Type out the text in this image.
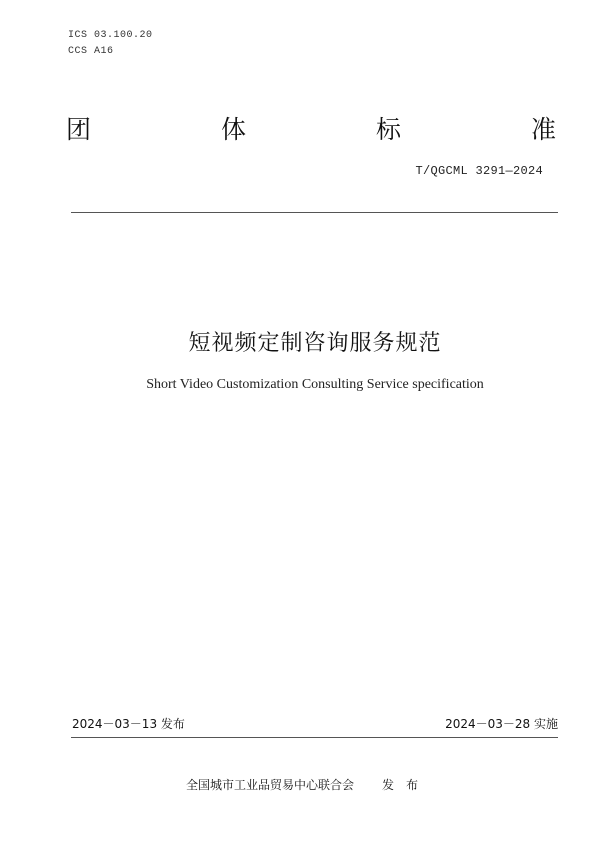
ICS 03.100.20
CCS A16
团	体	标	准
T/QGCML 3291—2024
短视频定制咨询服务规范
Short Video Customization Consulting Service specification
2024－03－13 发布	2024－03－28 实施
全国城市工业品贸易中心联合会 发布
